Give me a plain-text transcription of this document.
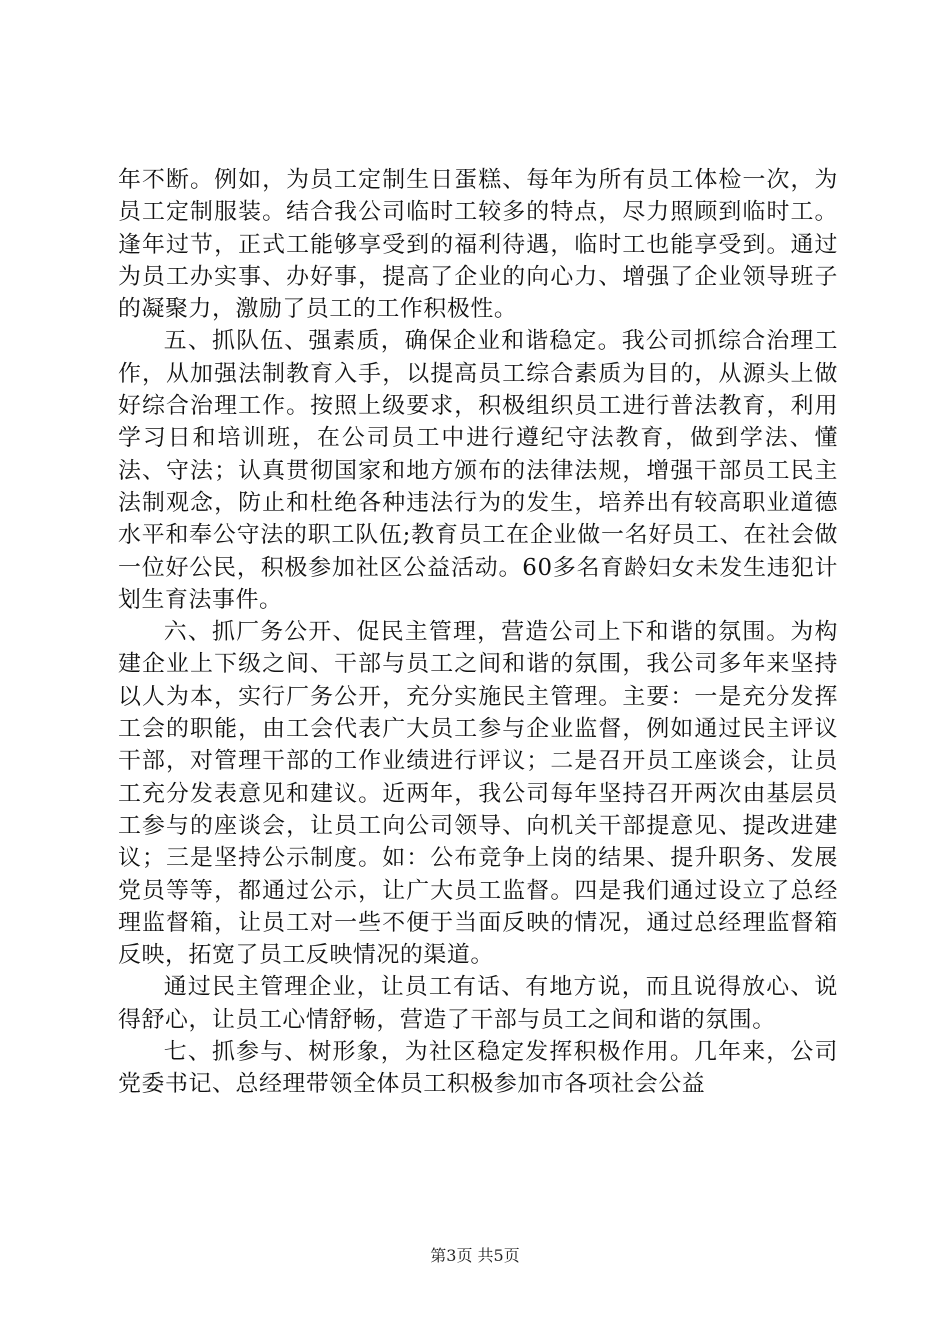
年不断。例如，为员工定制生日蛋糕、每年为所有员工体检一次，为员工定制服装。结合我公司临时工较多的特点，尽力照顾到临时工。逢年过节，正式工能够享受到的福利待遇，临时工也能享受到。通过为员工办实事、办好事，提高了企业的向心力、增强了企业领导班子的凝聚力，激励了员工的工作积极性。

五、抓队伍、强素质，确保企业和谐稳定。我公司抓综合治理工作，从加强法制教育入手，以提高员工综合素质为目的，从源头上做好综合治理工作。按照上级要求，积极组织员工进行普法教育，利用学习日和培训班，在公司员工中进行遵纪守法教育，做到学法、懂法、守法；认真贯彻国家和地方颁布的法律法规，增强干部员工民主法制观念，防止和杜绝各种违法行为的发生，培养出有较高职业道德水平和奉公守法的职工队伍;教育员工在企业做一名好员工、在社会做一位好公民，积极参加社区公益活动。60多名育龄妇女未发生违犯计划生育法事件。

六、抓厂务公开、促民主管理，营造公司上下和谐的氛围。为构建企业上下级之间、干部与员工之间和谐的氛围，我公司多年来坚持以人为本，实行厂务公开，充分实施民主管理。主要：一是充分发挥工会的职能，由工会代表广大员工参与企业监督，例如通过民主评议干部，对管理干部的工作业绩进行评议；二是召开员工座谈会，让员工充分发表意见和建议。近两年，我公司每年坚持召开两次由基层员工参与的座谈会，让员工向公司领导、向机关干部提意见、提改进建议；三是坚持公示制度。如：公布竞争上岗的结果、提升职务、发展党员等等，都通过公示，让广大员工监督。四是我们通过设立了总经理监督箱，让员工对一些不便于当面反映的情况，通过总经理监督箱反映，拓宽了员工反映情况的渠道。

通过民主管理企业，让员工有话、有地方说，而且说得放心、说得舒心，让员工心情舒畅，营造了干部与员工之间和谐的氛围。

七、抓参与、树形象，为社区稳定发挥积极作用。几年来，公司党委书记、总经理带领全体员工积极参加市各项社会公益

第3页 共5页
